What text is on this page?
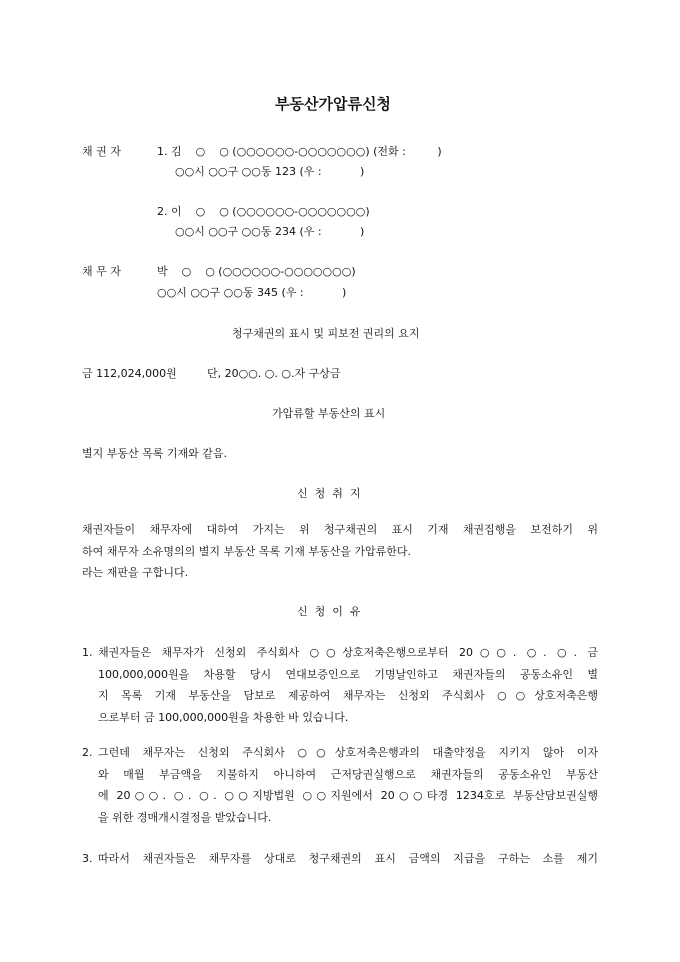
부동산가압류신청
채 권 자	1. 김    ○    ○ (○○○○○○-○○○○○○○) (전화 :         )
○○시 ○○구 ○○동 123 (우 :           )
2. 이    ○    ○ (○○○○○○-○○○○○○○)
○○시 ○○구 ○○동 234 (우 :           )
채 무 자	박    ○    ○ (○○○○○○-○○○○○○○)
○○시 ○○구 ○○동 345 (우 :           )
청구채권의 표시 및 피보전 권리의 요지
금 112,024,000원	단, 20○○. ○. ○.자 구상금
가압류할 부동산의 표시
별지 부동산 목록 기재와 같음.
신  청  취  지
채권자들이 채무자에 대하여 가지는 위 청구채권의 표시 기재 채권집행을 보전하기 위
하여 채무자 소유명의의 별지 부동산 목록 기재 부동산을 가압류한다.
라는 재판을 구합니다.
신  청  이  유
1. 채권자들은 채무자가 신청외 주식회사 ○○상호저축은행으로부터 20○○. ○. ○. 금
100,000,000원을 차용할 당시 연대보증인으로 기명날인하고 채권자들의 공동소유인 별
지 목록 기재 부동산을 담보로 제공하여 채무자는 신청외 주식회사 ○○상호저축은행
으로부터 금 100,000,000원을 차용한 바 있습니다.
2. 그런데 채무자는 신청외 주식회사 ○○상호저축은행과의 대출약정을 지키지 않아 이자
와 매월 부금액을 지불하지 아니하여 근저당권실행으로 채권자들의 공동소유인 부동산
에 20○○. ○. ○. ○○지방법원 ○○지원에서 20○○타경 1234호로 부동산담보권실행
을 위한 경매개시결정을 받았습니다.
3. 따라서 채권자들은 채무자를 상대로 청구채권의 표시 금액의 지급을 구하는 소를 제기
